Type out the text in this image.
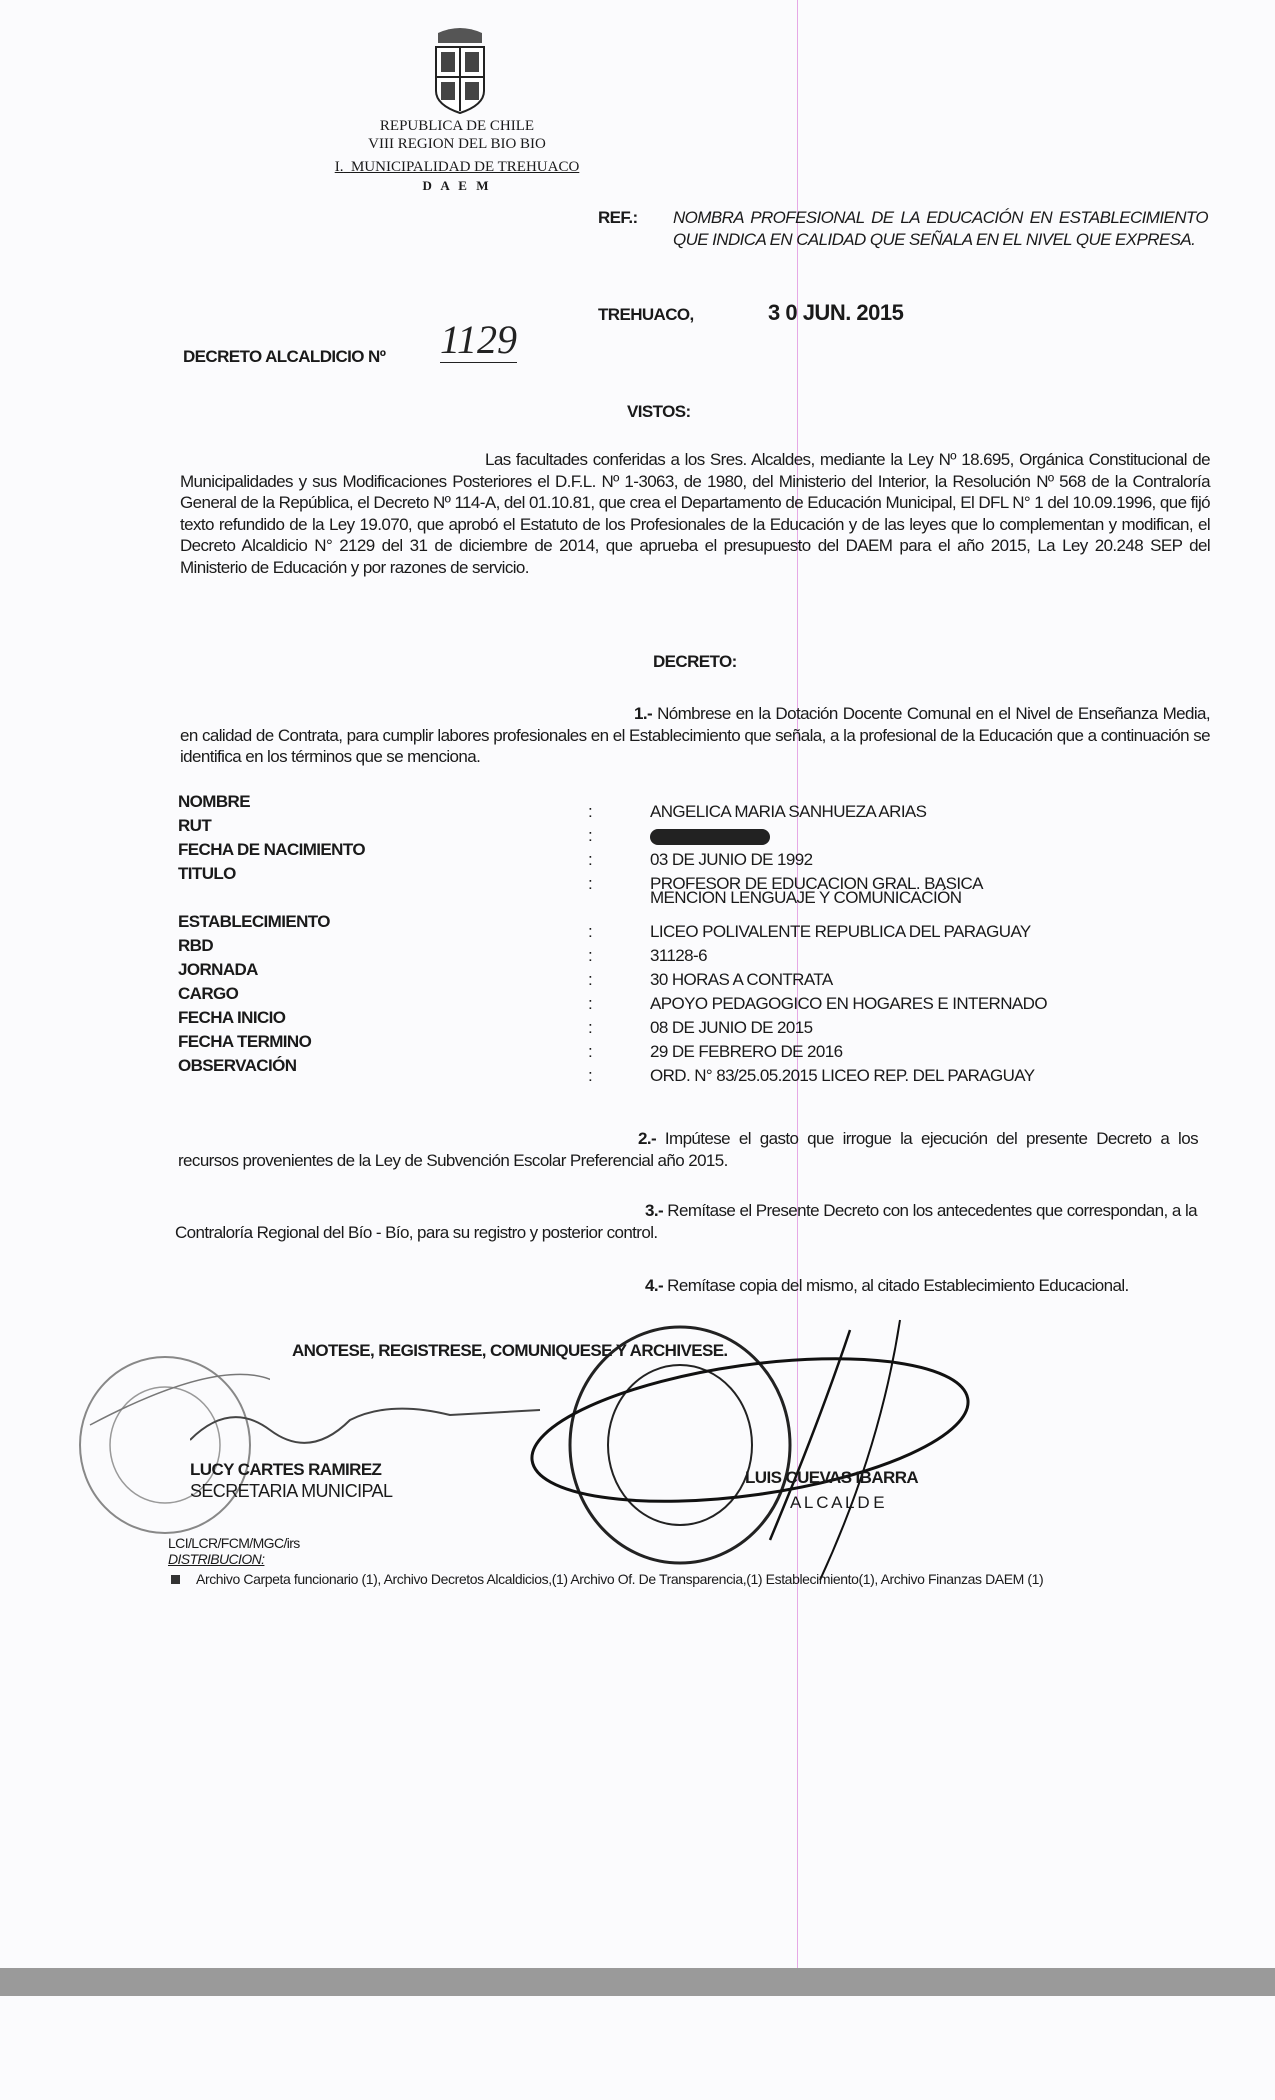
REPUBLICA DE CHILE
VIII REGION DEL BIO BIO
I. MUNICIPALIDAD DE TREHUACO
D A E M
REF.: NOMBRA PROFESIONAL DE LA EDUCACIÓN EN ESTABLECIMIENTO QUE INDICA EN CALIDAD QUE SEÑALA EN EL NIVEL QUE EXPRESA.
TREHUACO,	3 0 JUN. 2015
DECRETO ALCALDICIO Nº 1129
VISTOS:
Las facultades conferidas a los Sres. Alcaldes, mediante la Ley Nº 18.695, Orgánica Constitucional de Municipalidades y sus Modificaciones Posteriores el D.F.L. Nº 1-3063, de 1980, del Ministerio del Interior, la Resolución Nº 568 de la Contraloría General de la República, el Decreto Nº 114-A, del 01.10.81, que crea el Departamento de Educación Municipal, El DFL N° 1 del 10.09.1996, que fijó texto refundido de la Ley 19.070, que aprobó el Estatuto de los Profesionales de la Educación y de las leyes que lo complementan y modifican, el Decreto Alcaldicio N° 2129 del 31 de diciembre de 2014, que aprueba el presupuesto del DAEM para el año 2015, La Ley 20.248 SEP del Ministerio de Educación y por razones de servicio.
DECRETO:
1.- Nómbrese en la Dotación Docente Comunal en el Nivel de Enseñanza Media, en calidad de Contrata, para cumplir labores profesionales en el Establecimiento que señala, a la profesional de la Educación que a continuación se identifica en los términos que se menciona.
NOMBRE
:	ANGELICA MARIA SANHUEZA ARIAS
RUT
:
FECHA DE NACIMIENTO
:	03 DE JUNIO DE 1992
TITULO
:	PROFESOR DE EDUCACION GRAL. BASICA
MENCION LENGUAJE Y COMUNICACIÓN
ESTABLECIMIENTO
:	LICEO POLIVALENTE REPUBLICA DEL PARAGUAY
RBD
:	31128-6
JORNADA
:	30 HORAS A CONTRATA
CARGO
:	APOYO PEDAGOGICO EN HOGARES E INTERNADO
FECHA INICIO
:	08 DE JUNIO DE 2015
FECHA TERMINO
:	29 DE FEBRERO DE 2016
OBSERVACIÓN
:	ORD. N° 83/25.05.2015 LICEO REP. DEL PARAGUAY
2.- Impútese el gasto que irrogue la ejecución del presente Decreto a los recursos provenientes de la Ley de Subvención Escolar Preferencial año 2015.
3.- Remítase el Presente Decreto con los antecedentes que correspondan, a la Contraloría Regional del Bío - Bío, para su registro y posterior control.
4.- Remítase copia del mismo, al citado Establecimiento Educacional.
ANOTESE, REGISTRESE, COMUNIQUESE Y ARCHIVESE.
LUCY CARTES RAMIREZ
SECRETARIA MUNICIPAL
LUIS CUEVAS IBARRA
A L C A L D E
LCI/LCR/FCM/MGC/irs
DISTRIBUCION:
Archivo Carpeta funcionario (1), Archivo Decretos Alcaldicios,(1) Archivo Of. De Transparencia,(1) Establecimiento(1), Archivo Finanzas DAEM (1)
